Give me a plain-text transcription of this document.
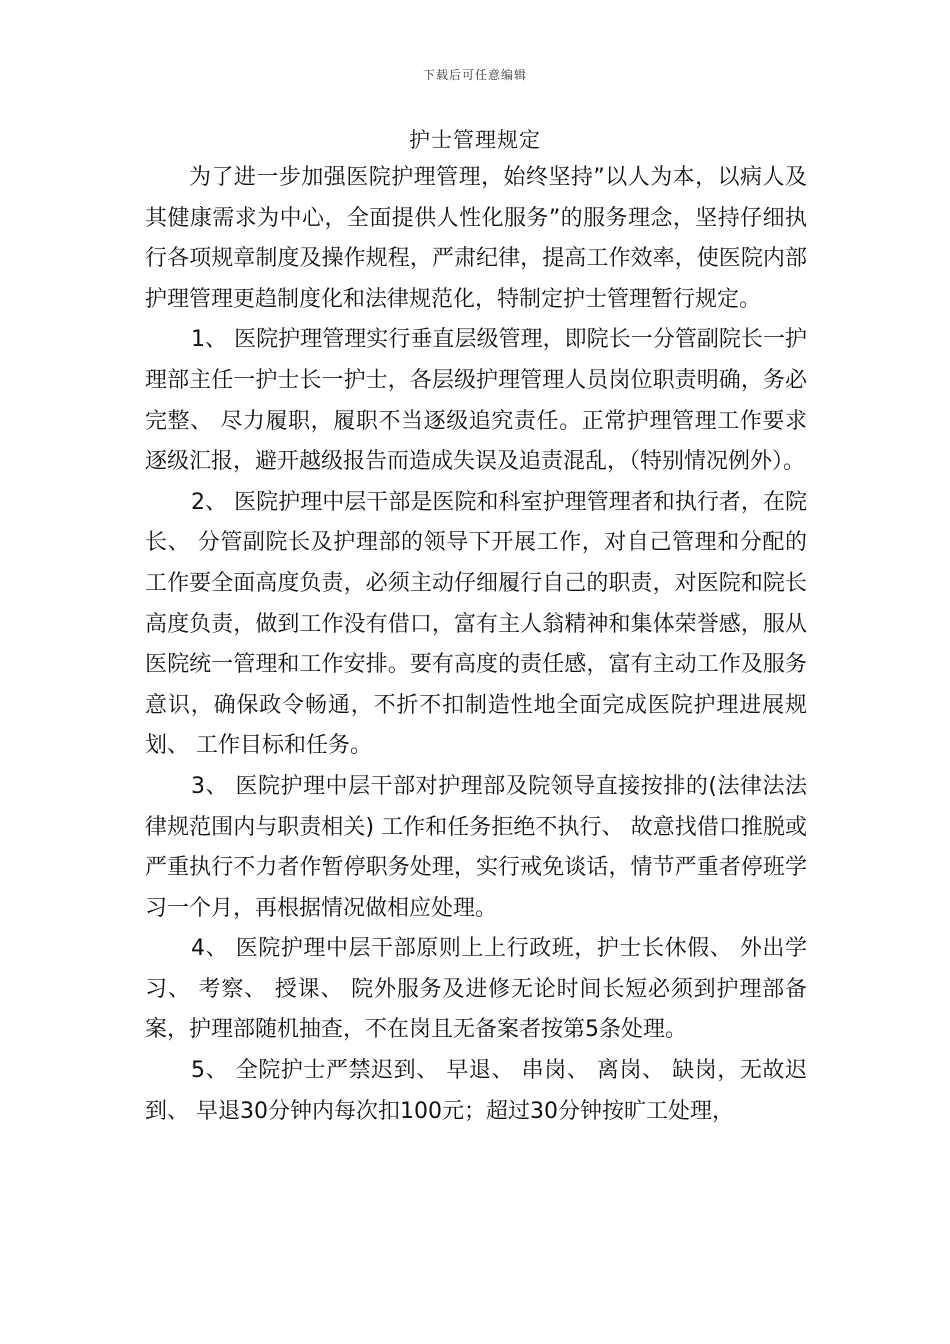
下载后可任意编辑
护士管理规定

为了进一步加强医院护理管理，始终坚持”以人为本，以病人及其健康需求为中心，全面提供人性化服务”的服务理念，坚持仔细执行各项规章制度及操作规程，严肃纪律，提高工作效率，使医院内部护理管理更趋制度化和法律规范化，特制定护士管理暂行规定。

1、 医院护理管理实行垂直层级管理，即院长一分管副院长一护理部主任一护士长一护士，各层级护理管理人员岗位职责明确，务必完整、 尽力履职，履职不当逐级追究责任。正常护理管理工作要求逐级汇报，避开越级报告而造成失误及追责混乱，（特别情况例外）。

2、 医院护理中层干部是医院和科室护理管理者和执行者，在院长、 分管副院长及护理部的领导下开展工作，对自己管理和分配的工作要全面高度负责，必须主动仔细履行自己的职责，对医院和院长高度负责，做到工作没有借口，富有主人翁精神和集体荣誉感，服从医院统一管理和工作安排。要有高度的责任感，富有主动工作及服务意识，确保政令畅通，不折不扣制造性地全面完成医院护理进展规划、 工作目标和任务。

3、 医院护理中层干部对护理部及院领导直接按排的(法律法法律规范围内与职责相关) 工作和任务拒绝不执行、 故意找借口推脱或严重执行不力者作暂停职务处理，实行戒免谈话，情节严重者停班学习一个月，再根据情况做相应处理。

4、 医院护理中层干部原则上上行政班，护士长休假、 外出学习、 考察、 授课、 院外服务及进修无论时间长短必须到护理部备案，护理部随机抽查，不在岗且无备案者按第5条处理。

5、 全院护士严禁迟到、 早退、 串岗、 离岗、 缺岗，无故迟到、 早退30分钟内每次扣100元；超过30分钟按旷工处理，
